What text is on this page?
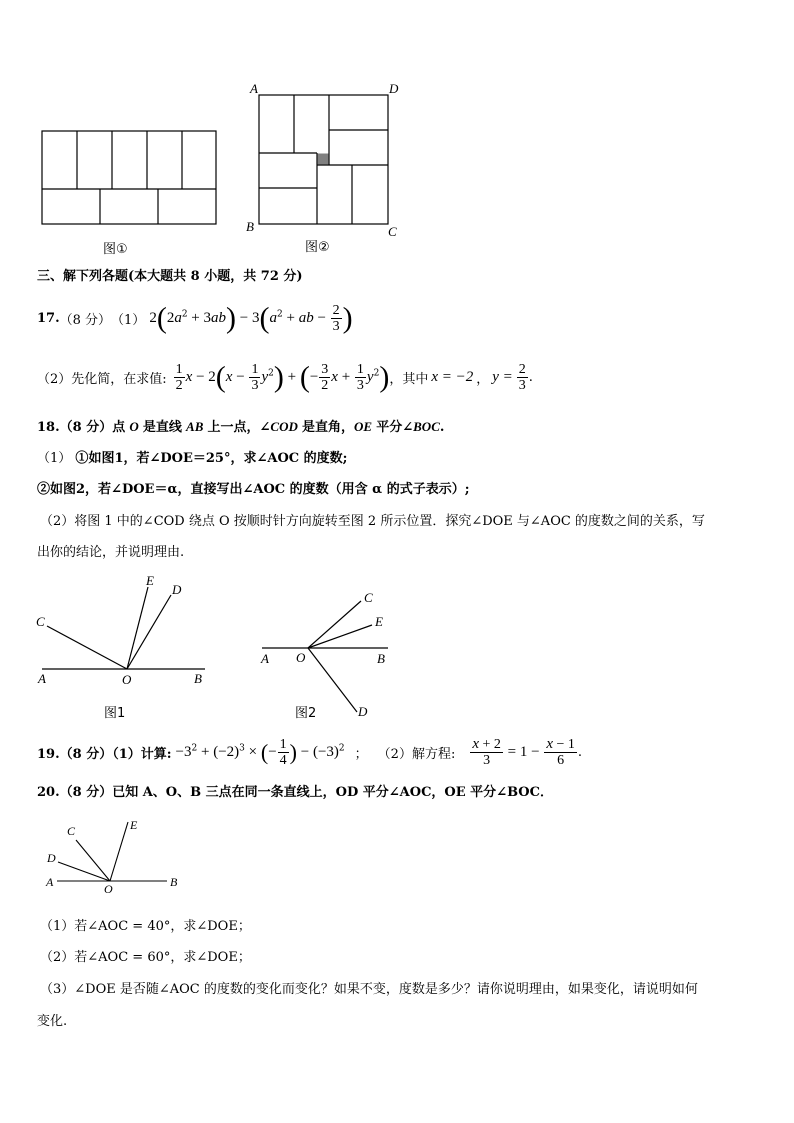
图①
A	D
B	C
图②
三、解下列各题(本大题共 8 小题，共 72 分)
17. （8 分） （1） $2(2a^2 + 3ab) - 3(a^2$ + ab − $\frac{2}{3}$ )
（2）先化简，在求值: $\frac{1}{2}$ $x - 2(x - \frac{1}{3} y^2)$ + (− $\frac{3}{2}$ $x + \frac{1}{3} y^2$) ，其中 x = −2 ， $y = \frac{2}{3}$ .
18.（8 分）点 O 是直线 AB 上一点，∠COD 是直角，OE 平分∠BOC.
（1） ①如图1，若∠DOE＝25°，求∠AOC 的度数;
②如图2，若∠DOE＝α，直接写出∠AOC 的度数（用含 α 的式子表示）;
（2）将图 1 中的∠COD 绕点 O 按顺时针方向旋转至图 2 所示位置．探究∠DOE 与∠AOC 的度数之间的关系，写
出你的结论，并说明理由.
C
E
D
A	O	B
图1
C
E
A O	B
D
图2
19.（8 分）（1）计算: $-3^2 + (-2)^3$ × (− $\frac{1}{4}$ ) − $(-3)^2$ ； （2）解方程: $\frac{x + 2}{3} = 1 - \frac{x - 1}{6}$ .
20.（8 分）已知 A、O、B 三点在同一条直线上，OD 平分∠AOC，OE 平分∠BOC．
C	E
D
A	O	B
（1）若∠AOC = 40°，求∠DOE；
（2）若∠AOC = 60°，求∠DOE；
（3）∠DOE 是否随∠AOC 的度数的变化而变化？如果不变，度数是多少？请你说明理由，如果变化，请说明如何
变化.
